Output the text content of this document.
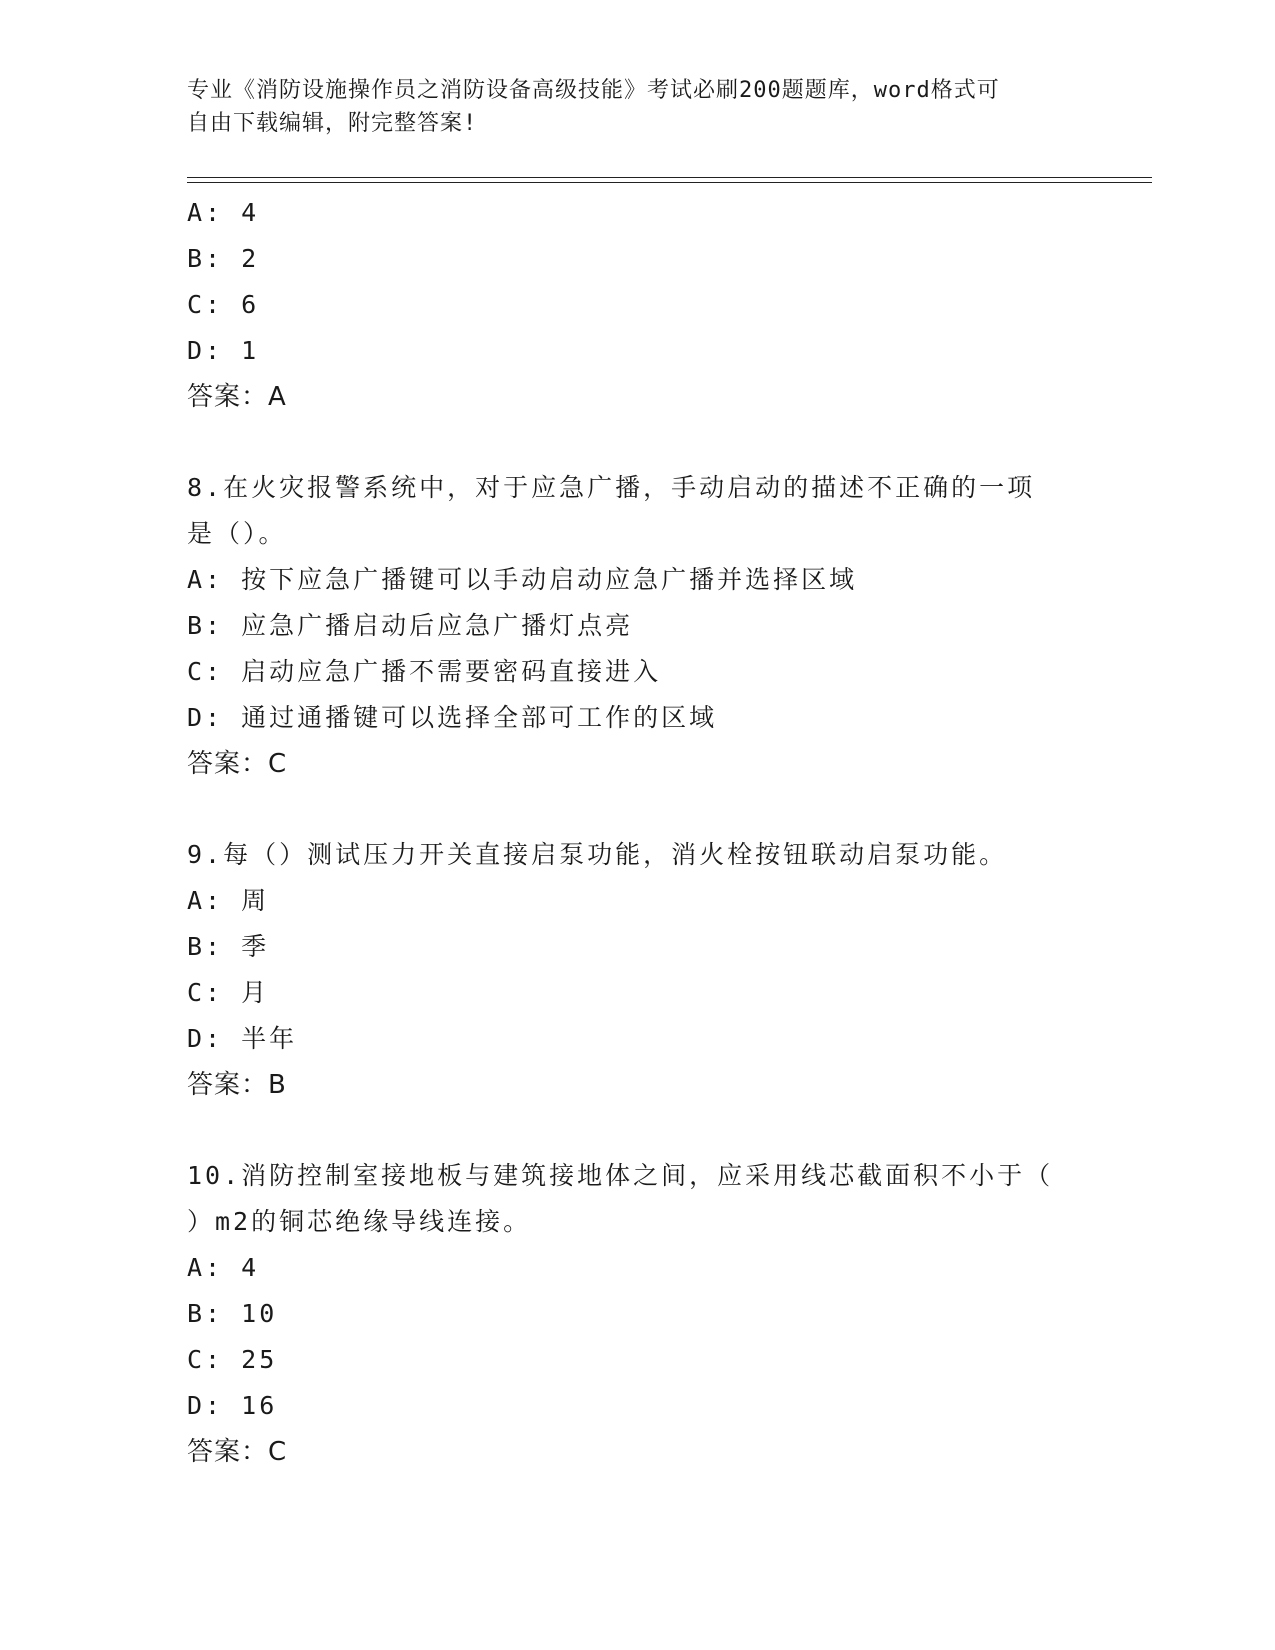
专业《消防设施操作员之消防设备高级技能》考试必刷200题题库，word格式可
自由下载编辑，附完整答案!
A: 4
B: 2
C: 6
D: 1
答案：A
8.在火灾报警系统中，对于应急广播，手动启动的描述不正确的一项
是（）。
A: 按下应急广播键可以手动启动应急广播并选择区域
B: 应急广播启动后应急广播灯点亮
C: 启动应急广播不需要密码直接进入
D: 通过通播键可以选择全部可工作的区域
答案：C
9.每（）测试压力开关直接启泵功能，消火栓按钮联动启泵功能。
A: 周
B: 季
C: 月
D: 半年
答案：B
10.消防控制室接地板与建筑接地体之间，应采用线芯截面积不小于（
）m2的铜芯绝缘导线连接。
A: 4
B: 10
C: 25
D: 16
答案：C
